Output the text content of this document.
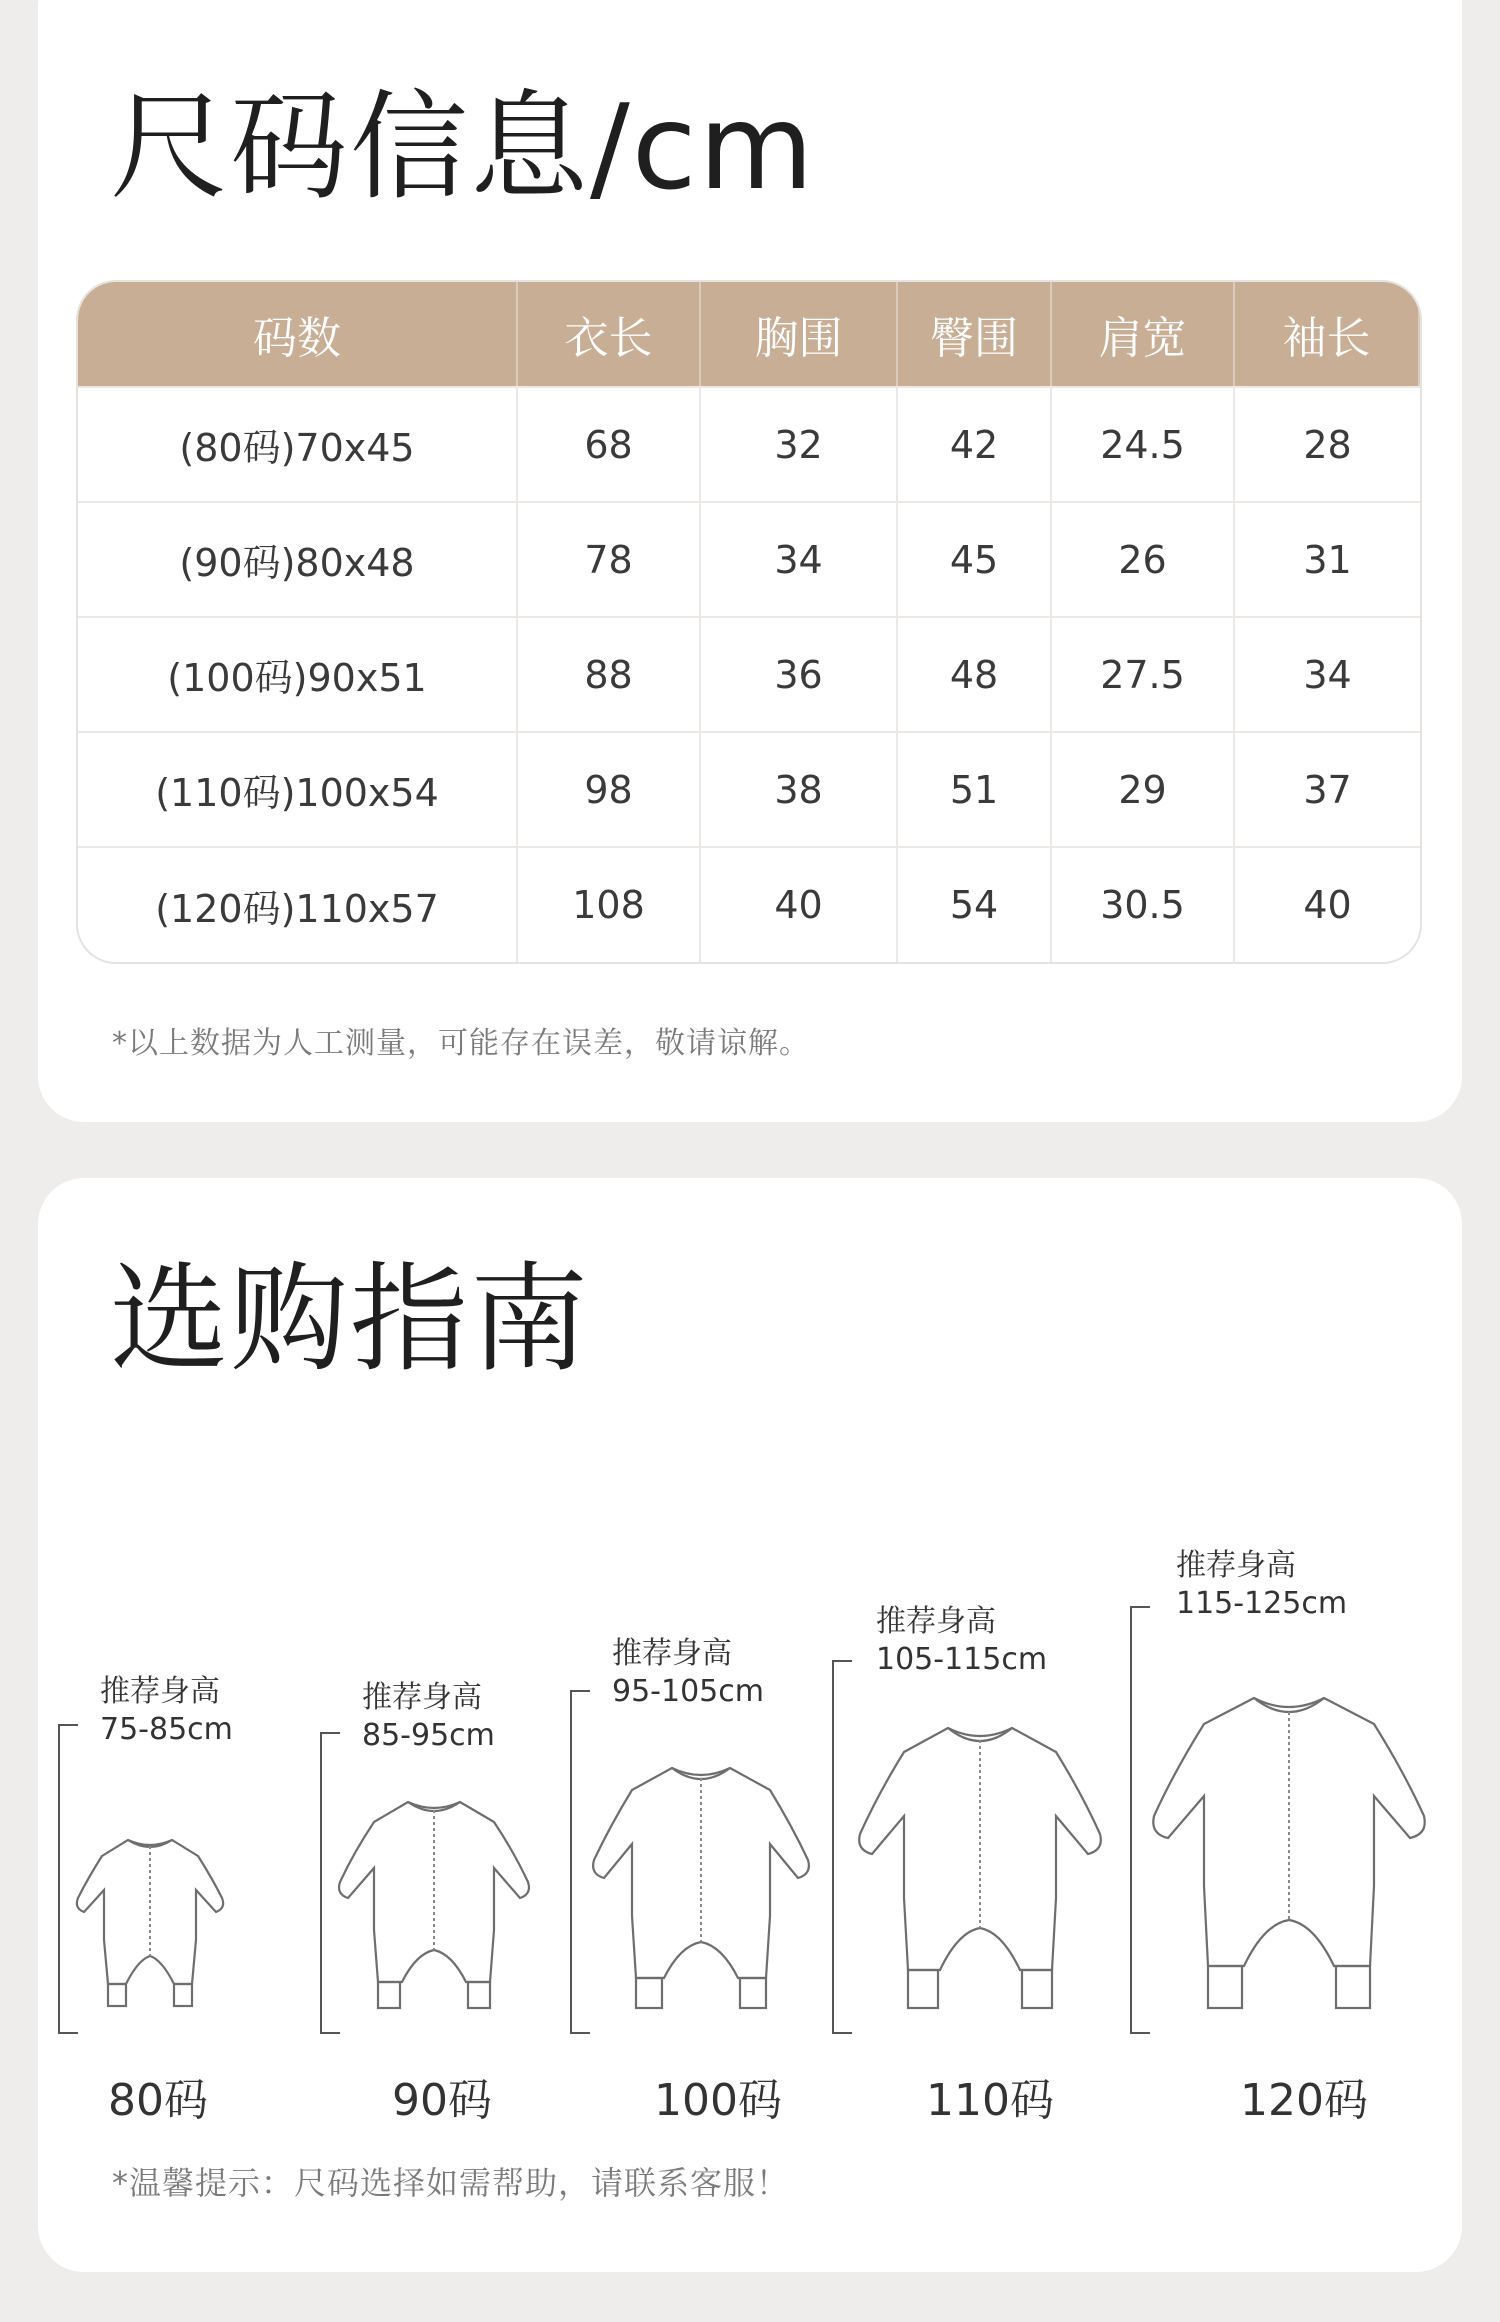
尺码信息/cm
码数	衣长	胸围	臀围	肩宽	袖长
(80码)70x45	68	32	42	24.5	28
(90码)80x48	78	34	45	26	31
(100码)90x51	88	36	48	27.5	34
(110码)100x54	98	38	51	29	37
(120码)110x57	108	40	54	30.5	40
*以上数据为人工测量，可能存在误差，敬请谅解。
选购指南
推荐身高
75-85cm
80码
推荐身高
85-95cm
90码
推荐身高
95-105cm
100码
推荐身高
105-115cm
110码
推荐身高
115-125cm
120码
*温馨提示：尺码选择如需帮助，请联系客服！
